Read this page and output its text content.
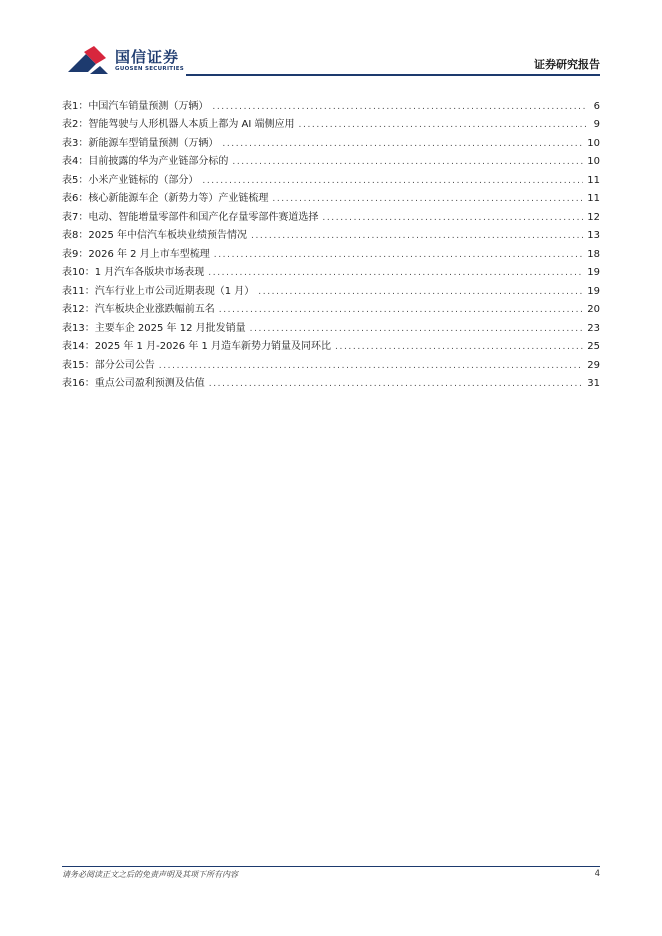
国信证券
GUOSEN SECURITIES	证券研究报告
表1： 中国汽车销量预测（万辆） .....	6
表2： 智能驾驶与人形机器人本质上都为 AI 端侧应用 .....	9
表3： 新能源车型销量预测（万辆） .....	10
表4： 目前披露的华为产业链部分标的 .....	10
表5： 小米产业链标的（部分） .....	11
表6： 核心新能源车企（新势力等）产业链梳理 .....	11
表7： 电动、智能增量零部件和国产化存量零部件赛道选择 .....	12
表8： 2025 年中信汽车板块业绩预告情况 .....	13
表9： 2026 年 2 月上市车型梳理 .....	18
表10： 1 月汽车各版块市场表现 .....	19
表11： 汽车行业上市公司近期表现（1 月） .....	19
表12： 汽车板块企业涨跌幅前五名 .....	20
表13： 主要车企 2025 年 12 月批发销量 .....	23
表14： 2025 年 1 月-2026 年 1 月造车新势力销量及同环比 .....	25
表15： 部分公司公告 .....	29
表16： 重点公司盈利预测及估值 .....	31
请务必阅读正文之后的免责声明及其项下所有内容	4
